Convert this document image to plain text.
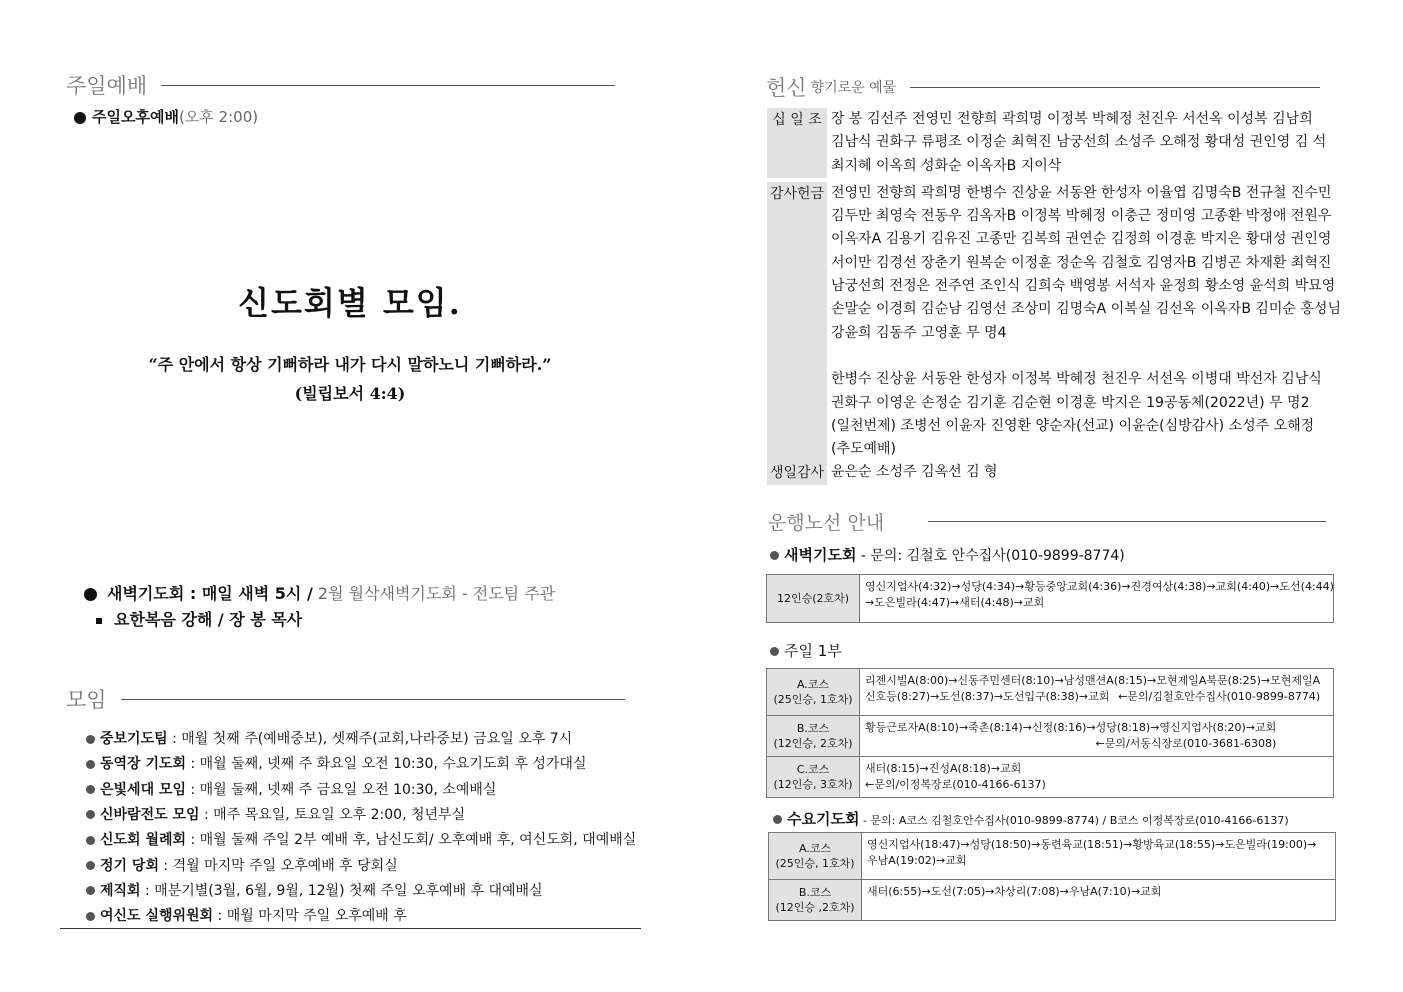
주일예배
주일오후예배(오후 2:00)
신도회별 모임.
“주 안에서 항상 기뻐하라 내가 다시 말하노니 기뻐하라.”
(빌립보서 4:4)
새벽기도회 : 매일 새벽 5시 / 2월 월삭새벽기도회 - 전도팀 주관
요한복음 강해 / 장 봉 목사
모임
중보기도팀 : 매월 첫째 주(예배중보), 셋째주(교회,나라중보) 금요일 오후 7시
동역장 기도회 : 매월 둘째, 넷째 주 화요일 오전 10:30, 수요기도회 후 성가대실
은빛세대 모임 : 매월 둘째, 넷째 주 금요일 오전 10:30, 소예배실
신바람전도 모임 : 매주 목요일, 토요일 오후 2:00, 청년부실
신도회 월례회 : 매월 둘째 주일 2부 예배 후, 남신도회/ 오후예배 후, 여신도회, 대예배실
정기 당회 : 격월 마지막 주일 오후예배 후 당회실
제직회 : 매분기별(3월, 6월, 9월, 12월) 첫째 주일 오후예배 후 대예배실
여신도 실행위원회 : 매월 마지막 주일 오후예배 후
헌신 향기로운 예물
십 일 조 장 봉 김선주 전영민 전향희 곽희명 이정복 박혜정 천진우 서선옥 이성복 김남희
김남식 권화구 류평조 이정순 최혁진 남궁선희 소성주 오해정 황대성 권인영 김 석
최지혜 이옥희 성화순 이옥자B 지이삭
감사헌금 전영민 전향희 곽희명 한병수 진상윤 서동완 한성자 이율엽 김명숙B 전규철 진수민
김두만 최영숙 전동우 김옥자B 이정복 박혜정 이충근 정미영 고종환 박정애 전원우
이옥자A 김용기 김유진 고종만 김복희 권연순 김정희 이경훈 박지은 황대성 권인영
서이만 김경선 장춘기 원복순 이정훈 정순옥 김철호 김영자B 김병곤 차재환 최혁진
남궁선희 전정은 전주연 조인식 김희숙 백영봉 서석자 윤정희 황소영 윤석희 박묘영
손말순 이경희 김순남 김영선 조상미 김명숙A 이복실 김선옥 이옥자B 김미순 홍성님
강윤희 김동주 고영훈 무 명4
한병수 진상윤 서동완 한성자 이정복 박혜정 천진우 서선옥 이병대 박선자 김남식
권화구 이영운 손정순 김기훈 김순현 이경훈 박지은 19공동체(2022년) 무 명2
(일천번제) 조병선 이윤자 진영환 양순자(선교) 이윤순(심방감사) 소성주 오해정
(추도예배)
생일감사 윤은순 소성주 김옥선 김 형
운행노선 안내
새벽기도회 - 문의: 김철호 안수집사(010-9899-8774)
12인승(2호차)
영신지업사(4:32)→성당(4:34)→황등중앙교회(4:36)→진경여상(4:38)→교회(4:40)→도선(4:44)
→도은빌라(4:47)→새터(4:48)→교회
주일 1부
A.코스
(25인승, 1호차)
리젠시빌A(8:00)→신동주민센터(8:10)→남성맨션A(8:15)→모현제일A북문(8:25)→모현제일A
신호등(8:27)→도선(8:37)→도선입구(8:38)→교회 ←문의/김철호안수집사(010-9899-8774)
B.코스
(12인승, 2호차)
황등근로자A(8:10)→죽촌(8:14)→신정(8:16)→성당(8:18)→영신지업사(8:20)→교회
←문의/서동식장로(010-3681-6308)
C.코스
(12인승, 3호차)
새터(8:15)→진성A(8:18)→교회
←문의/이정복장로(010-4166-6137)
수요기도회 - 문의: A코스 김철호안수집사(010-9899-8774) / B코스 이정복장로(010-4166-6137)
A.코스
(25인승, 1호차)
영신지업사(18:47)→성당(18:50)→동련육교(18:51)→황방육교(18:55)→도은빌라(19:00)→
우남A(19:02)→교회
B.코스
(12인승 ,2호차)
새터(6:55)→도선(7:05)→차상리(7:08)→우남A(7:10)→교회
